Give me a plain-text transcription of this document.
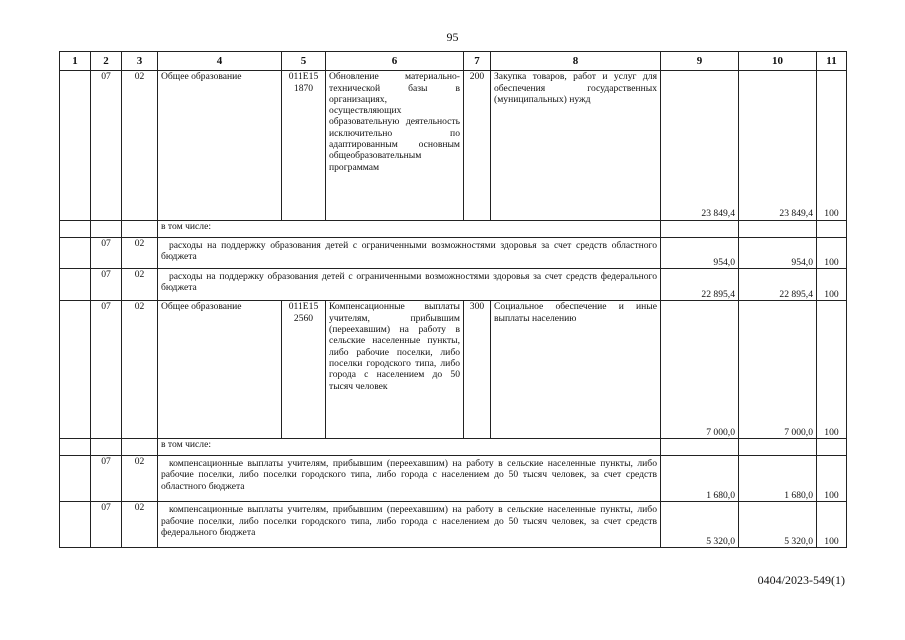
95
1	2	3	4	5	6	7	8	9	10	11
	07	02	Общее образование	011Е15 1870	Обновление материально-технической базы в организациях, осуществляющих образовательную деятельность исключительно по адаптированным основным общеобразовательным программам	200	Закупка товаров, работ и услуг для обеспечения государственных (муниципальных) нужд	23 849,4	23 849,4	100
			в том числе:							
	07	02	расходы на поддержку образования детей с ограниченными возможностями здоровья за счет средств областного бюджета					954,0	954,0	100
	07	02	расходы на поддержку образования детей с ограниченными возможностями здоровья за счет средств федерального бюджета					22 895,4	22 895,4	100
	07	02	Общее образование	011Е15 2560	Компенсационные выплаты учителям, прибывшим (переехавшим) на работу в сельские населенные пункты, либо рабочие поселки, либо поселки городского типа, либо города с населением до 50 тысяч человек	300	Социальное обеспечение и иные выплаты населению	7 000,0	7 000,0	100
			в том числе:							
	07	02	компенсационные выплаты учителям, прибывшим (переехавшим) на работу в сельские населенные пункты, либо рабочие поселки, либо поселки городского типа, либо города с населением до 50 тысяч человек, за счет средств областного бюджета					1 680,0	1 680,0	100
	07	02	компенсационные выплаты учителям, прибывшим (переехавшим) на работу в сельские населенные пункты, либо рабочие поселки, либо поселки городского типа, либо города с населением до 50 тысяч человек, за счет средств федерального бюджета					5 320,0	5 320,0	100
0404/2023-549(1)
